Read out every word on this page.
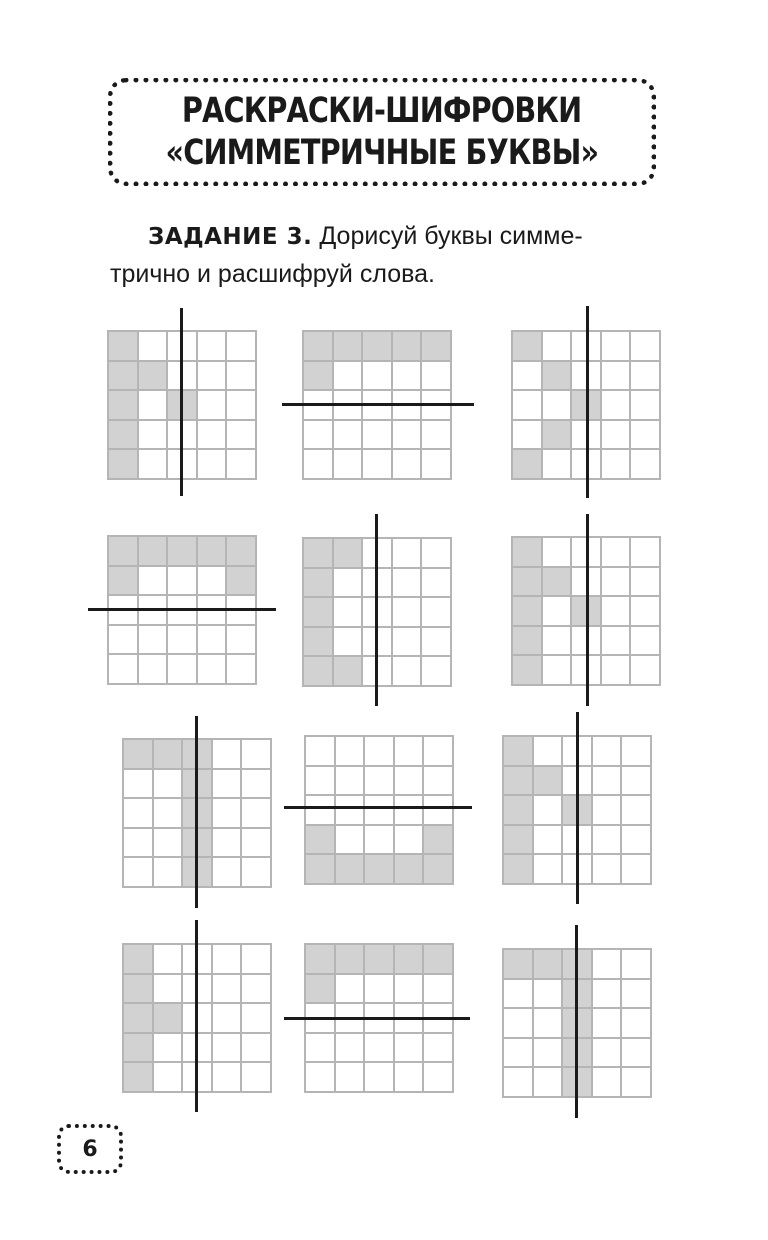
РАСКРАСКИ-ШИФРОВКИ
«СИММЕТРИЧНЫЕ БУКВЫ»
ЗАДАНИЕ 3. Дорисуй буквы симме-
трично и расшифруй слова.
6
